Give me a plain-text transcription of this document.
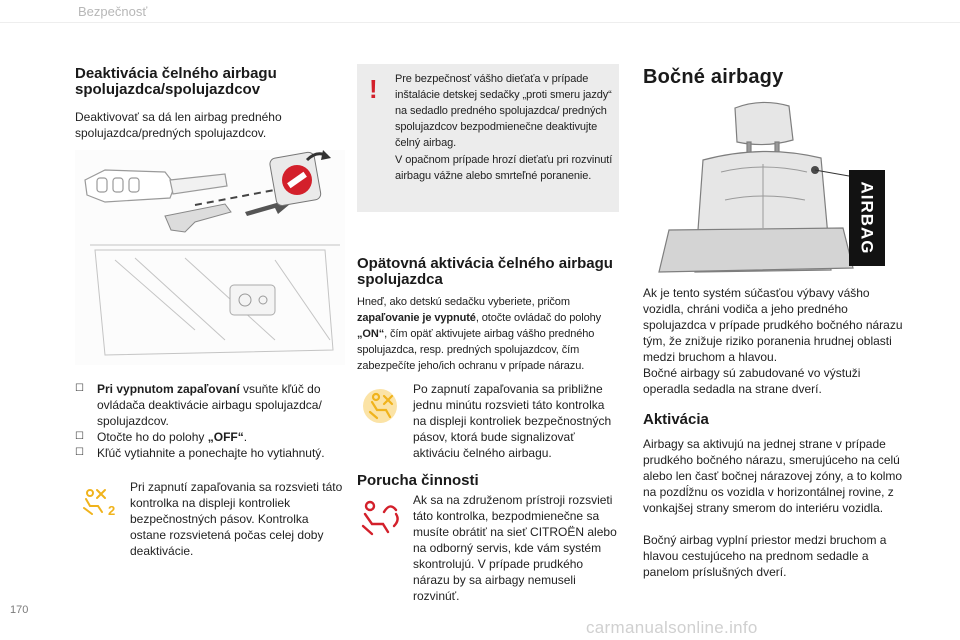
Bezpečnosť
Deaktivácia čelného airbagu spolujazdca/spolujazdcov

Deaktivovať sa dá len airbag predného spolujazdca/predných spolujazdcov.

☐ Pri vypnutom zapaľovaní vsuňte kľúč do ovládača deaktivácie airbagu spolujazdca/ spolujazdcov.
☐ Otočte ho do polohy „OFF“.
☐ Kľúč vytiahnite a ponechajte ho vytiahnutý.
2

Pri zapnutí zapaľovania sa rozsvieti táto kontrolka na displeji kontroliek bezpečnostných pásov. Kontrolka ostane rozsvietená počas celej doby deaktivácie.

! Pre bezpečnosť vášho dieťaťa v prípade inštalácie detskej sedačky „proti smeru jazdy“ na sedadlo predného spolujazdca/ predných spolujazdcov bezpodmienečne deaktivujte čelný airbag.

V opačnom prípade hrozí dieťaťu pri rozvinutí airbagu vážne alebo smrteľné poranenie.

Opätovná aktivácia čelného airbagu spolujazdca

Hneď, ako detskú sedačku vyberiete, pričom zapaľovanie je vypnuté, otočte ovládač do polohy „ON“, čím opäť aktivujete airbag vášho predného spolujazdca, resp. predných spolujazdcov, čím zabezpečíte jeho/ich ochranu v prípade nárazu.

Po zapnutí zapaľovania sa približne jednu minútu rozsvieti táto kontrolka na displeji kontroliek bezpečnostných pásov, ktorá bude signalizovať aktiváciu čelného airbagu.

Porucha činnosti

Ak sa na združenom prístroji rozsvieti táto kontrolka, bezpodmienečne sa musíte obrátiť na sieť CITROËN alebo na odborný servis, kde vám systém skontrolujú. V prípade prudkého nárazu by sa airbagy nemuseli rozvinúť.

Bočné airbagy
AIRBAG

Ak je tento systém súčasťou výbavy vášho vozidla, chráni vodiča a jeho predného spolujazdca v prípade prudkého bočného nárazu tým, že znižuje riziko poranenia hrudnej oblasti medzi bruchom a hlavou.

Bočné airbagy sú zabudované vo výstuži operadla sedadla na strane dverí.

Aktivácia

Airbagy sa aktivujú na jednej strane v prípade prudkého bočného nárazu, smerujúceho na celú alebo len časť bočnej nárazovej zóny, a to kolmo na pozdĺžnu os vozidla v horizontálnej rovine, z vonkajšej strany smerom do interiéru vozidla.

Bočný airbag vyplní priestor medzi bruchom a hlavou cestujúceho na prednom sedadle a panelom príslušných dverí.

170
carmanualsonline.info
